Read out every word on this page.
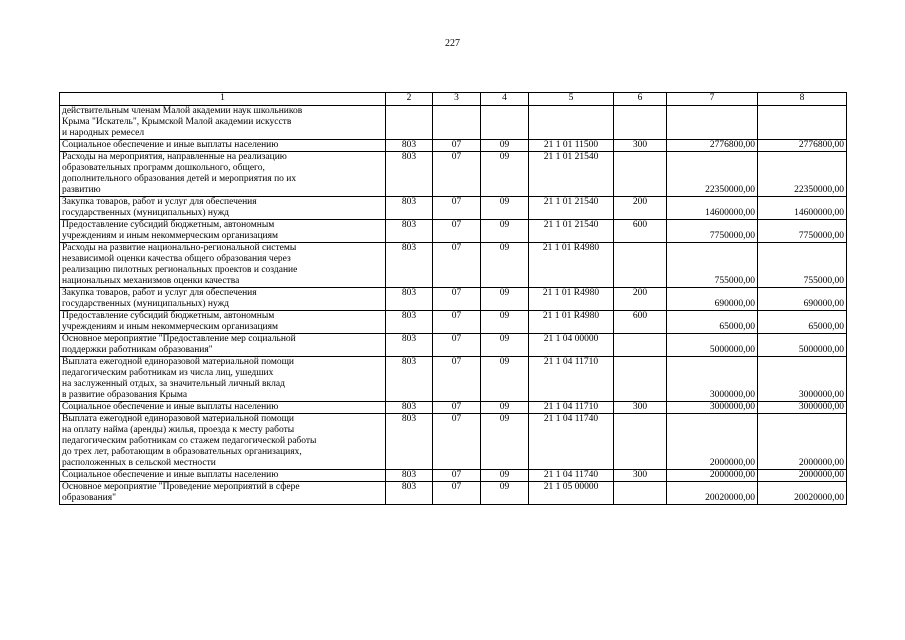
227
1	2	3	4	5	6	7	8
действительным членам Малой академии наук школьников
Крыма "Искатель", Крымской Малой академии искусств
и народных ремесел							
Социальное обеспечение и иные выплаты населению	803	07	09	21 1 01 11500	300	2776800,00	2776800,00
Расходы на мероприятия, направленные на реализацию
образовательных программ дошкольного, общего,
дополнительного образования детей и мероприятия по их
развитию	803	07	09	21 1 01 21540		22350000,00	22350000,00
Закупка товаров, работ и услуг для обеспечения
государственных (муниципальных) нужд	803	07	09	21 1 01 21540	200	14600000,00	14600000,00
Предоставление субсидий бюджетным, автономным
учреждениям и иным некоммерческим организациям	803	07	09	21 1 01 21540	600	7750000,00	7750000,00
Расходы на развитие национально-региональной системы
независимой оценки качества общего образования через
реализацию пилотных региональных проектов и создание
национальных механизмов оценки качества	803	07	09	21 1 01 R4980		755000,00	755000,00
Закупка товаров, работ и услуг для обеспечения
государственных (муниципальных) нужд	803	07	09	21 1 01 R4980	200	690000,00	690000,00
Предоставление субсидий бюджетным, автономным
учреждениям и иным некоммерческим организациям	803	07	09	21 1 01 R4980	600	65000,00	65000,00
Основное мероприятие "Предоставление мер социальной
поддержки работникам образования"	803	07	09	21 1 04 00000		5000000,00	5000000,00
Выплата ежегодной единоразовой материальной помощи
педагогическим работникам из числа лиц, ушедших
на заслуженный отдых, за значительный личный вклад
в развитие образования Крыма	803	07	09	21 1 04 11710		3000000,00	3000000,00
Социальное обеспечение и иные выплаты населению	803	07	09	21 1 04 11710	300	3000000,00	3000000,00
Выплата ежегодной единоразовой материальной помощи
на оплату найма (аренды) жилья, проезда к месту работы
педагогическим работникам со стажем педагогической работы
до трех лет, работающим в образовательных организациях,
расположенных в сельской местности	803	07	09	21 1 04 11740		2000000,00	2000000,00
Социальное обеспечение и иные выплаты населению	803	07	09	21 1 04 11740	300	2000000,00	2000000,00
Основное мероприятие "Проведение мероприятий в сфере
образования"	803	07	09	21 1 05 00000		20020000,00	20020000,00
